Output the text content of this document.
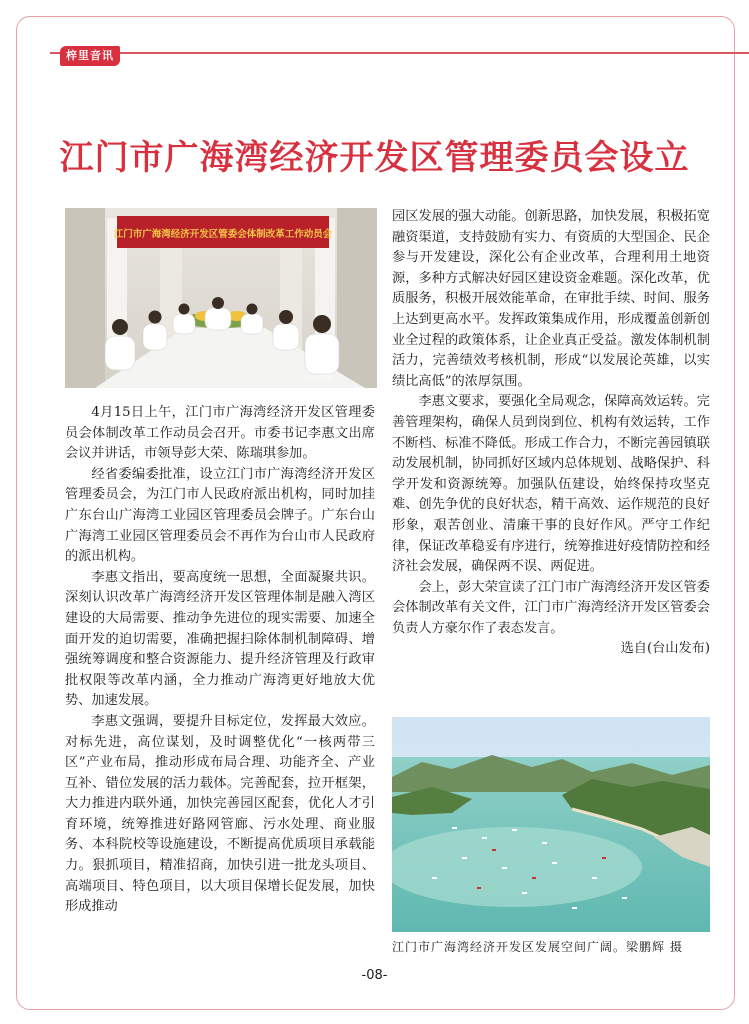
梓里音讯
江门市广海湾经济开发区管理委员会设立
江门市广海湾经济开发区管委会体制改革工作动员会
台山发布

4月15日上午，江门市广海湾经济开发区管理委员会体制改革工作动员会召开。市委书记李惠文出席会议并讲话，市领导彭大荣、陈瑞琪参加。

经省委编委批准，设立江门市广海湾经济开发区管理委员会，为江门市人民政府派出机构，同时加挂广东台山广海湾工业园区管理委员会牌子。广东台山广海湾工业园区管理委员会不再作为台山市人民政府的派出机构。

李惠文指出，要高度统一思想，全面凝聚共识。深刻认识改革广海湾经济开发区管理体制是融入湾区建设的大局需要、推动争先进位的现实需要、加速全面开发的迫切需要，准确把握扫除体制机制障碍、增强统筹调度和整合资源能力、提升经济管理及行政审批权限等改革内涵，全力推动广海湾更好地放大优势、加速发展。

李惠文强调，要提升目标定位，发挥最大效应。对标先进，高位谋划，及时调整优化“一核两带三区”产业布局，推动形成布局合理、功能齐全、产业互补、错位发展的活力载体。完善配套，拉开框架，大力推进内联外通，加快完善园区配套，优化人才引育环境，统筹推进好路网管廊、污水处理、商业服务、本科院校等设施建设，不断提高优质项目承载能力。狠抓项目，精准招商，加快引进一批龙头项目、高端项目、特色项目，以大项目保增长促发展，加快形成推动

园区发展的强大动能。创新思路，加快发展，积极拓宽融资渠道，支持鼓励有实力、有资质的大型国企、民企参与开发建设，深化公有企业改革，合理利用土地资源，多种方式解决好园区建设资金难题。深化改革，优质服务，积极开展效能革命，在审批手续、时间、服务上达到更高水平。发挥政策集成作用，形成覆盖创新创业全过程的政策体系，让企业真正受益。激发体制机制活力，完善绩效考核机制，形成“以发展论英雄，以实绩比高低”的浓厚氛围。

李惠文要求，要强化全局观念，保障高效运转。完善管理架构，确保人员到岗到位、机构有效运转，工作不断档、标准不降低。形成工作合力，不断完善园镇联动发展机制，协同抓好区域内总体规划、战略保护、科学开发和资源统筹。加强队伍建设，始终保持攻坚克难、创先争优的良好状态，精干高效、运作规范的良好形象，艰苦创业、清廉干事的良好作风。严守工作纪律，保证改革稳妥有序进行，统筹推进好疫情防控和经济社会发展，确保两不误、两促进。

会上，彭大荣宣读了江门市广海湾经济开发区管委会体制改革有关文件，江门市广海湾经济开发区管委会负责人方豪尔作了表态发言。

选自(台山发布)

江门市广海湾经济开发区发展空间广阔。梁鹏辉 摄
-08-
